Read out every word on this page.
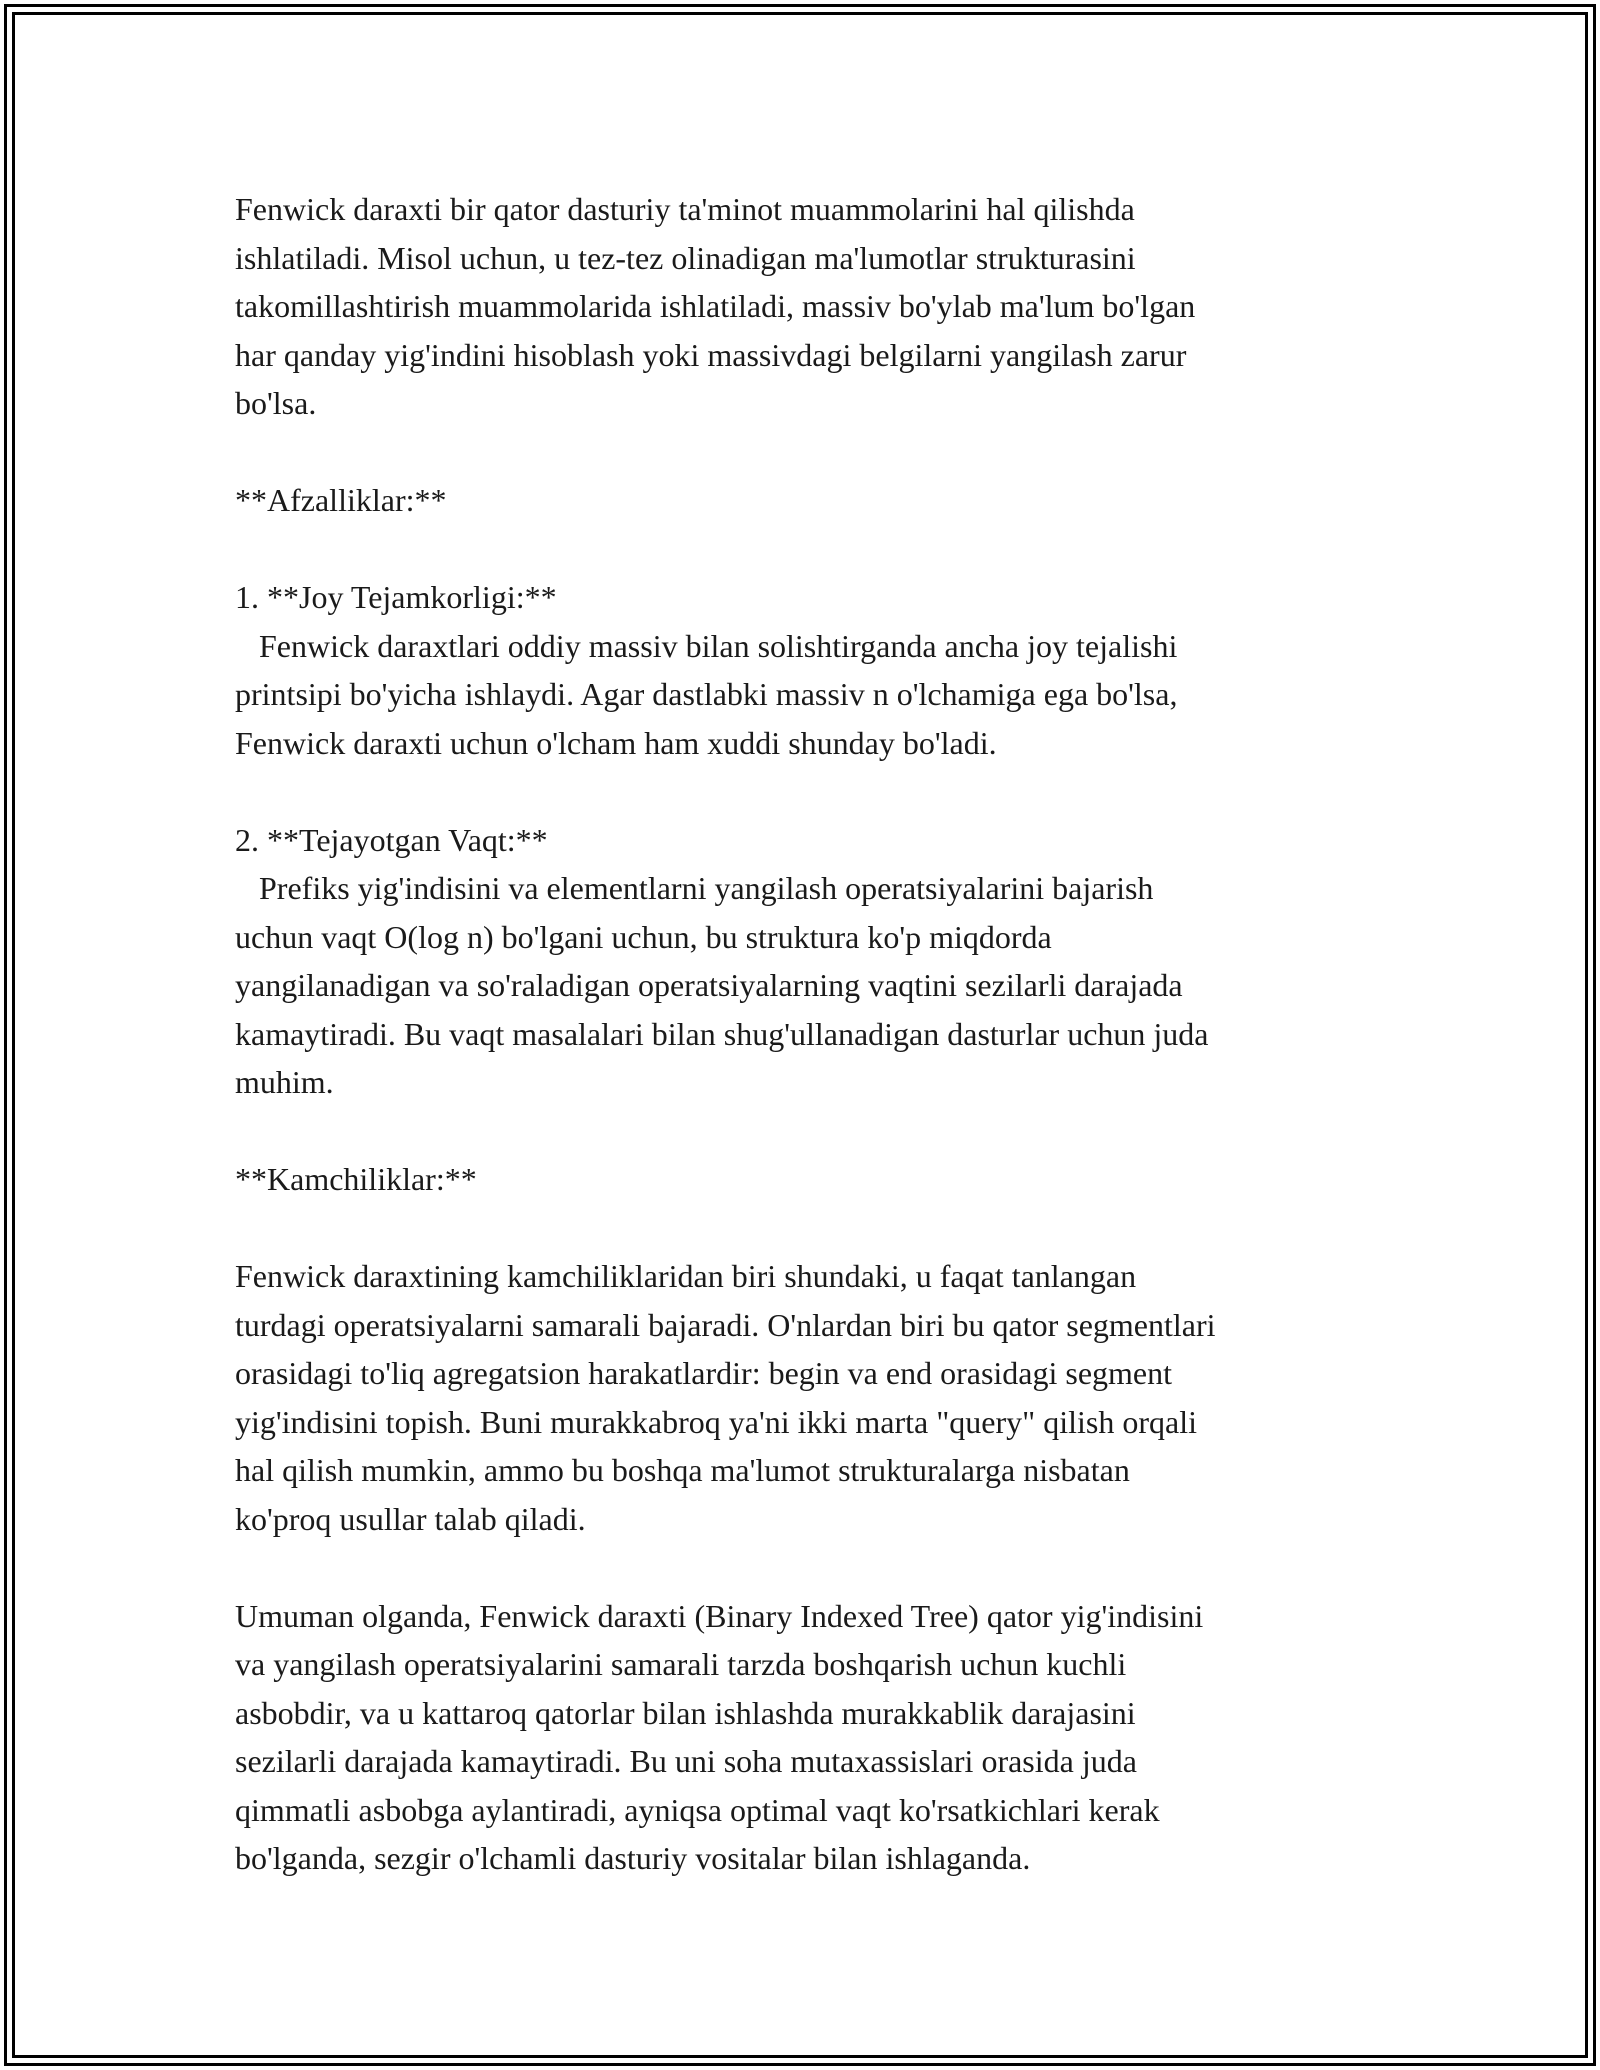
Fenwick daraxti bir qator dasturiy ta'minot muammolarini hal qilishda
ishlatiladi. Misol uchun, u tez-tez olinadigan ma'lumotlar strukturasini
takomillashtirish muammolarida ishlatiladi, massiv bo'ylab ma'lum bo'lgan
har qanday yig'indini hisoblash yoki massivdagi belgilarni yangilash zarur
bo'lsa.

**Afzalliklar:**

1. **Joy Tejamkorligi:**
Fenwick daraxtlari oddiy massiv bilan solishtirganda ancha joy tejalishi
printsipi bo'yicha ishlaydi. Agar dastlabki massiv n o'lchamiga ega bo'lsa,
Fenwick daraxti uchun o'lcham ham xuddi shunday bo'ladi.

2. **Tejayotgan Vaqt:**
Prefiks yig'indisini va elementlarni yangilash operatsiyalarini bajarish
uchun vaqt O(log n) bo'lgani uchun, bu struktura ko'p miqdorda
yangilanadigan va so'raladigan operatsiyalarning vaqtini sezilarli darajada
kamaytiradi. Bu vaqt masalalari bilan shug'ullanadigan dasturlar uchun juda
muhim.

**Kamchiliklar:**

Fenwick daraxtining kamchiliklaridan biri shundaki, u faqat tanlangan
turdagi operatsiyalarni samarali bajaradi. O'nlardan biri bu qator segmentlari
orasidagi to'liq agregatsion harakatlardir: begin va end orasidagi segment
yig'indisini topish. Buni murakkabroq ya'ni ikki marta "query" qilish orqali
hal qilish mumkin, ammo bu boshqa ma'lumot strukturalarga nisbatan
ko'proq usullar talab qiladi.

Umuman olganda, Fenwick daraxti (Binary Indexed Tree) qator yig'indisini
va yangilash operatsiyalarini samarali tarzda boshqarish uchun kuchli
asbobdir, va u kattaroq qatorlar bilan ishlashda murakkablik darajasini
sezilarli darajada kamaytiradi. Bu uni soha mutaxassislari orasida juda
qimmatli asbobga aylantiradi, ayniqsa optimal vaqt ko'rsatkichlari kerak
bo'lganda, sezgir o'lchamli dasturiy vositalar bilan ishlaganda.
